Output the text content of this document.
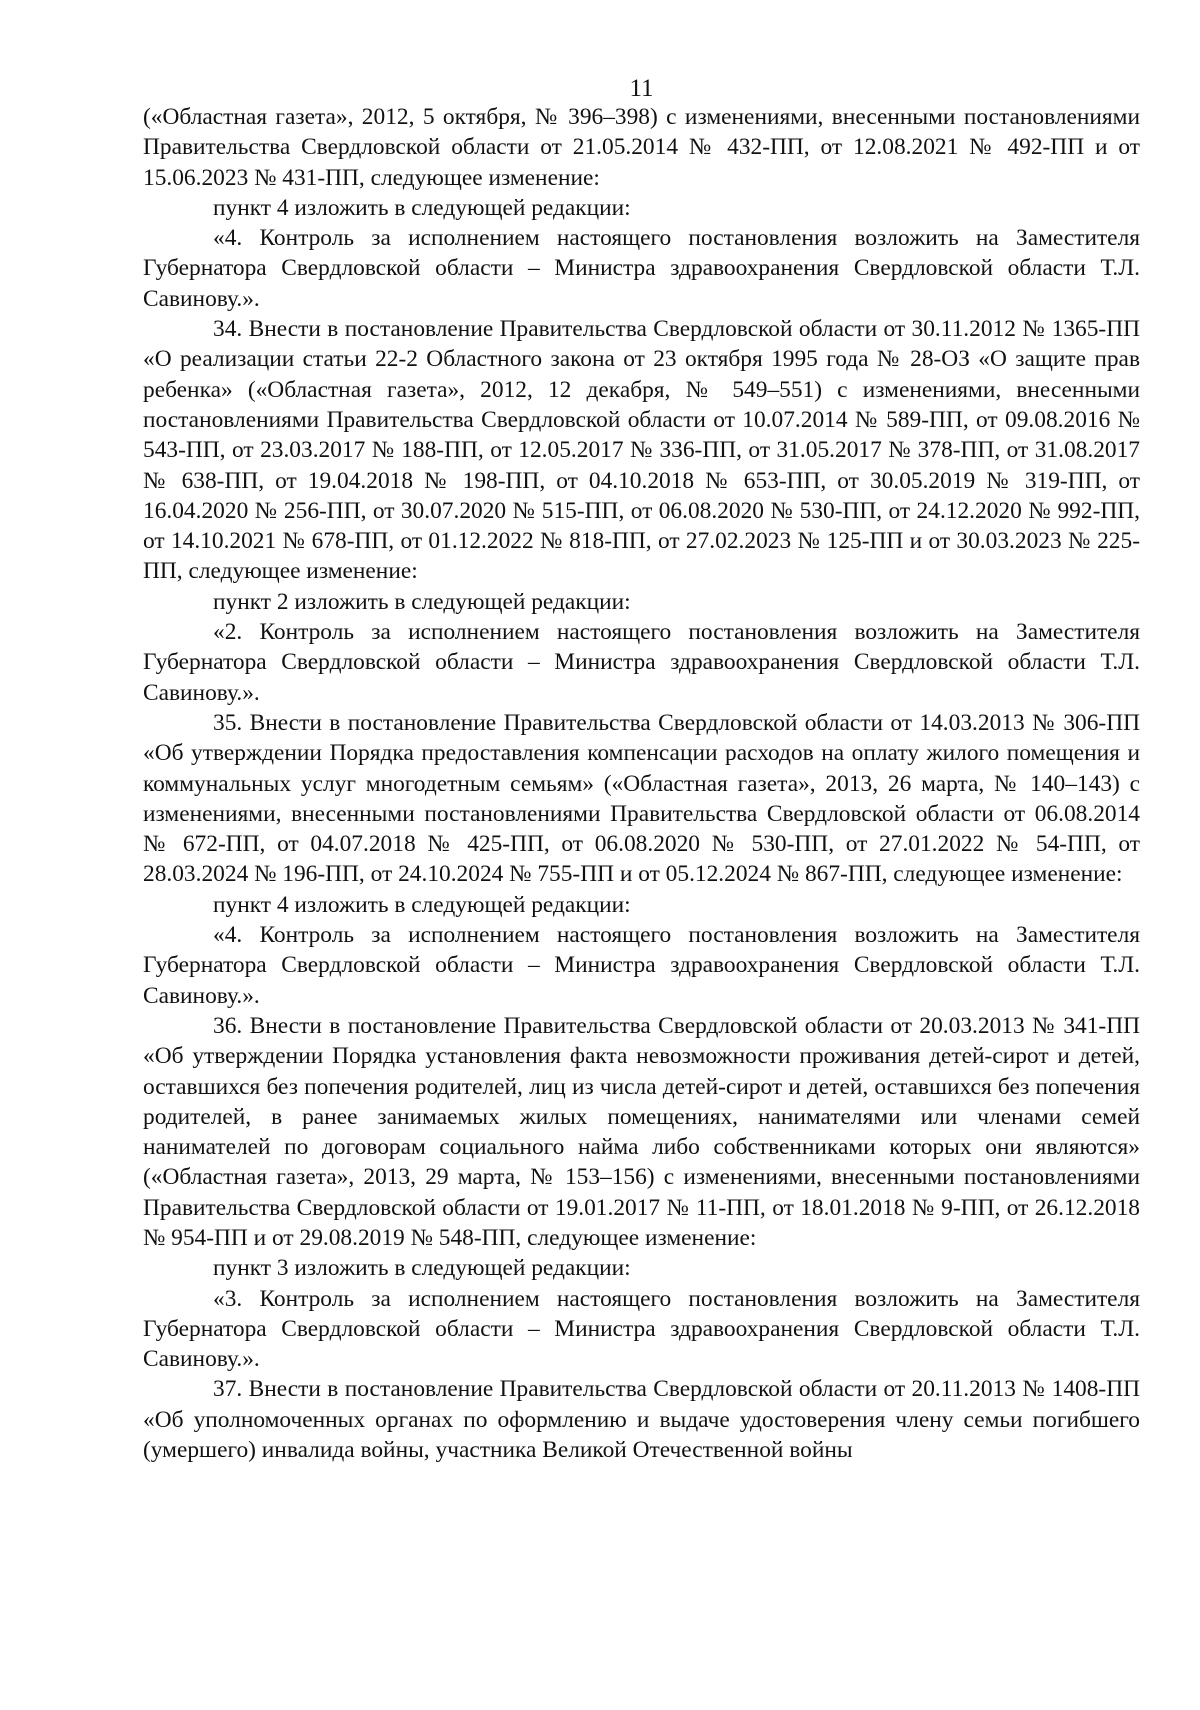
11

(«Областная газета», 2012, 5 октября, № 396–398) с изменениями, внесенными постановлениями Правительства Свердловской области от 21.05.2014 № 432-ПП, от 12.08.2021 № 492-ПП и от 15.06.2023 № 431-ПП, следующее изменение:

пункт 4 изложить в следующей редакции:

«4. Контроль за исполнением настоящего постановления возложить на Заместителя Губернатора Свердловской области – Министра здравоохранения Свердловской области Т.Л. Савинову.».

34. Внести в постановление Правительства Свердловской области от 30.11.2012 № 1365-ПП «О реализации статьи 22-2 Областного закона от 23 октября 1995 года № 28-ОЗ «О защите прав ребенка» («Областная газета», 2012, 12 декабря, № 549–551) с изменениями, внесенными постановлениями Правительства Свердловской области от 10.07.2014 № 589-ПП, от 09.08.2016 № 543-ПП, от 23.03.2017 № 188-ПП, от 12.05.2017 № 336-ПП, от 31.05.2017 № 378-ПП, от 31.08.2017 № 638-ПП, от 19.04.2018 № 198-ПП, от 04.10.2018 № 653-ПП, от 30.05.2019 № 319-ПП, от 16.04.2020 № 256-ПП, от 30.07.2020 № 515-ПП, от 06.08.2020 № 530-ПП, от 24.12.2020 № 992-ПП, от 14.10.2021 № 678-ПП, от 01.12.2022 № 818-ПП, от 27.02.2023 № 125-ПП и от 30.03.2023 № 225-ПП, следующее изменение:

пункт 2 изложить в следующей редакции:

«2. Контроль за исполнением настоящего постановления возложить на Заместителя Губернатора Свердловской области – Министра здравоохранения Свердловской области Т.Л. Савинову.».

35. Внести в постановление Правительства Свердловской области от 14.03.2013 № 306-ПП «Об утверждении Порядка предоставления компенсации расходов на оплату жилого помещения и коммунальных услуг многодетным семьям» («Областная газета», 2013, 26 марта, № 140–143) с изменениями, внесенными постановлениями Правительства Свердловской области от 06.08.2014 № 672-ПП, от 04.07.2018 № 425-ПП, от 06.08.2020 № 530-ПП, от 27.01.2022 № 54-ПП, от 28.03.2024 № 196-ПП, от 24.10.2024 № 755-ПП и от 05.12.2024 № 867-ПП, следующее изменение:

пункт 4 изложить в следующей редакции:

«4. Контроль за исполнением настоящего постановления возложить на Заместителя Губернатора Свердловской области – Министра здравоохранения Свердловской области Т.Л. Савинову.».

36. Внести в постановление Правительства Свердловской области от 20.03.2013 № 341-ПП «Об утверждении Порядка установления факта невозможности проживания детей-сирот и детей, оставшихся без попечения родителей, лиц из числа детей-сирот и детей, оставшихся без попечения родителей, в ранее занимаемых жилых помещениях, нанимателями или членами семей нанимателей по договорам социального найма либо собственниками которых они являются» («Областная газета», 2013, 29 марта, № 153–156) с изменениями, внесенными постановлениями Правительства Свердловской области от 19.01.2017 № 11-ПП, от 18.01.2018 № 9-ПП, от 26.12.2018 № 954-ПП и от 29.08.2019 № 548-ПП, следующее изменение:

пункт 3 изложить в следующей редакции:

«3. Контроль за исполнением настоящего постановления возложить на Заместителя Губернатора Свердловской области – Министра здравоохранения Свердловской области Т.Л. Савинову.».

37. Внести в постановление Правительства Свердловской области от 20.11.2013 № 1408-ПП «Об уполномоченных органах по оформлению и выдаче удостоверения члену семьи погибшего (умершего) инвалида войны, участника Великой Отечественной войны
